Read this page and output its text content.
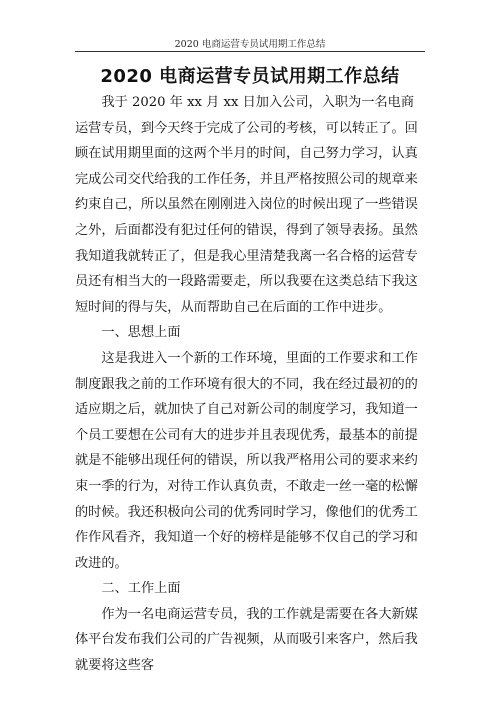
2020 电商运营专员试用期工作总结
2020 电商运营专员试用期工作总结

我于 2020 年 xx 月 xx 日加入公司，入职为一名电商运营专员，到今天终于完成了公司的考核，可以转正了。回顾在试用期里面的这两个半月的时间，自己努力学习，认真完成公司交代给我的工作任务，并且严格按照公司的规章来约束自己，所以虽然在刚刚进入岗位的时候出现了一些错误之外，后面都没有犯过任何的错误，得到了领导表扬。虽然我知道我就转正了，但是我心里清楚我离一名合格的运营专员还有相当大的一段路需要走，所以我要在这类总结下我这短时间的得与失，从而帮助自己在后面的工作中进步。

一、思想上面

这是我进入一个新的工作环境，里面的工作要求和工作制度跟我之前的工作环境有很大的不同，我在经过最初的的适应期之后，就加快了自己对新公司的制度学习，我知道一个员工要想在公司有大的进步并且表现优秀，最基本的前提就是不能够出现任何的错误，所以我严格用公司的要求来约束一季的行为，对待工作认真负责，不敢走一丝一毫的松懈的时候。我还积极向公司的优秀同时学习，像他们的优秀工作作风看齐，我知道一个好的榜样是能够不仅自己的学习和改进的。

二、工作上面

作为一名电商运营专员，我的工作就是需要在各大新媒体平台发布我们公司的广告视频，从而吸引来客户，然后我就要将这些客
